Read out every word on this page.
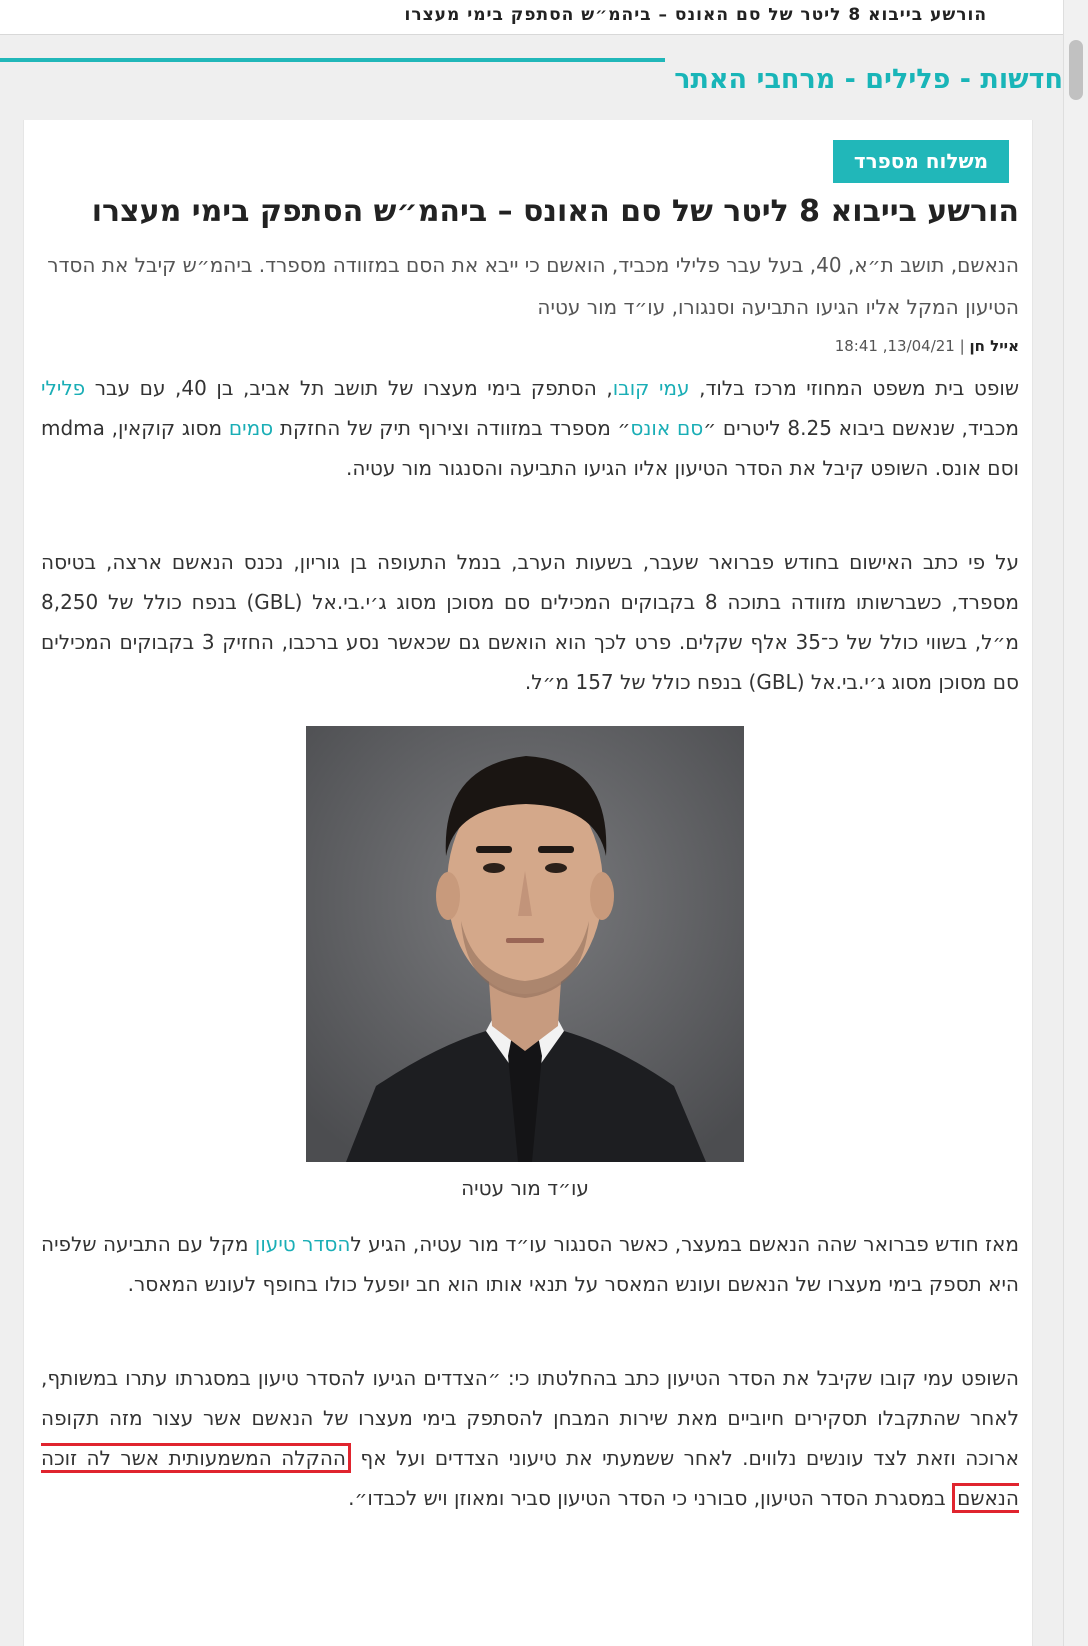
הורשע בייבוא 8 ליטר של סם האונס – ביהמ״ש הסתפק בימי מעצרו
חדשות - פלילים - מרחבי האתר
משלוח מספרד
הורשע בייבוא 8 ליטר של סם האונס – ביהמ״ש הסתפק בימי מעצרו

הנאשם, תושב ת״א, 40, בעל עבר פלילי מכביד, הואשם כי ייבא את הסם במזוודה מספרד. ביהמ״ש קיבל את הסדר הטיעון המקל אליו הגיעו התביעה וסנגורו, עו״ד מור עטיה

אייל חן | 13/04/21, 18:41

שופט בית משפט המחוזי מרכז בלוד, עמי קובו, הסתפק בימי מעצרו של תושב תל אביב, בן 40, עם עבר פלילי מכביד, שנאשם ביבוא 8.25 ליטרים ״סם אונס״ מספרד במזוודה וצירוף תיק של החזקת סמים מסוג קוקאין, mdma וסם אונס. השופט קיבל את הסדר הטיעון אליו הגיעו התביעה והסנגור מור עטיה.

על פי כתב האישום בחודש פברואר שעבר, בשעות הערב, בנמל התעופה בן גוריון, נכנס הנאשם ארצה, בטיסה מספרד, כשברשותו מזוודה בתוכה 8 בקבוקים המכילים סם מסוכן מסוג ג׳י.בי.אל (GBL) בנפח כולל של 8,250 מ״ל, בשווי כולל של כ־35 אלף שקלים. פרט לכך הוא הואשם גם שכאשר נסע ברכבו, החזיק 3 בקבוקים המכילים סם מסוכן מסוג ג׳י.בי.אל (GBL) בנפח כולל של 157 מ״ל.

עו״ד מור עטיה

מאז חודש פברואר שהה הנאשם במעצר, כאשר הסנגור עו״ד מור עטיה, הגיע להסדר טיעון מקל עם התביעה שלפיה היא תספק בימי מעצרו של הנאשם ועונש המאסר על תנאי אותו הוא חב יופעל כולו בחופף לעונש המאסר.

השופט עמי קובו שקיבל את הסדר הטיעון כתב בהחלטתו כי: ״הצדדים הגיעו להסדר טיעון במסגרתו עתרו במשותף, לאחר שהתקבלו תסקירים חיוביים מאת שירות המבחן להסתפק בימי מעצרו של הנאשם אשר עצור מזה תקופה ארוכה וזאת לצד עונשים נלווים. לאחר ששמעתי את טיעוני הצדדים ועל אף ההקלה המשמעותית אשר לה זוכה הנאשם במסגרת הסדר הטיעון, סבורני כי הסדר הטיעון סביר ומאוזן ויש לכבדו״.
